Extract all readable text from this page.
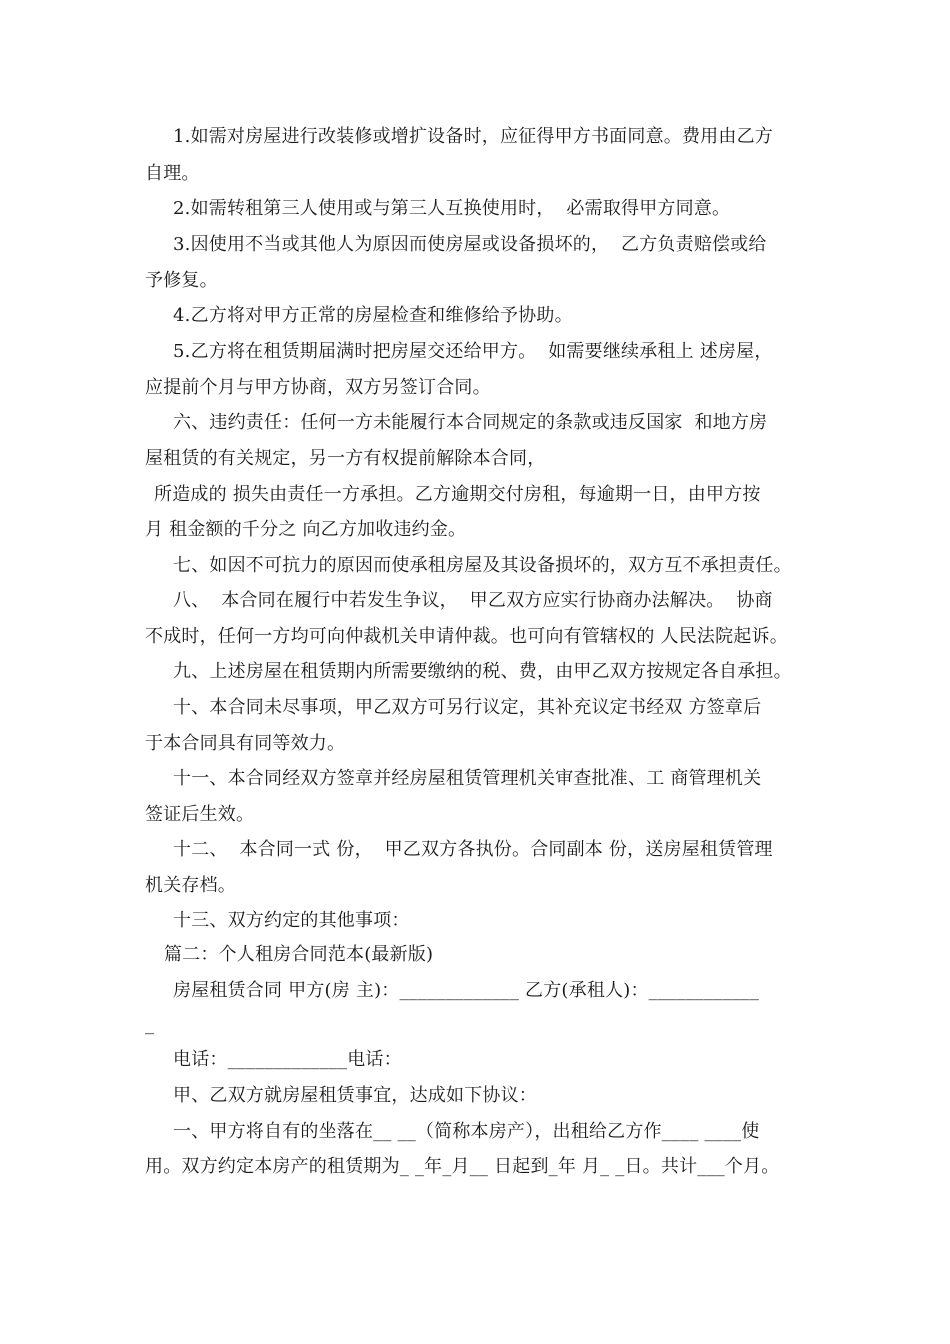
1.如需对房屋进行改装修或增扩设备时，应征得甲方书面同意。费用由乙方
自理。
2.如需转租第三人使用或与第三人互换使用时，  必需取得甲方同意。
3.因使用不当或其他人为原因而使房屋或设备损坏的，  乙方负责赔偿或给
予修复。
4.乙方将对甲方正常的房屋检查和维修给予协助。
5.乙方将在租赁期届满时把房屋交还给甲方。  如需要继续承租上 述房屋，
应提前个月与甲方协商，双方另签订合同。
六、违约责任：任何一方未能履行本合同规定的条款或违反国家  和地方房
屋租赁的有关规定，另一方有权提前解除本合同，
所造成的 损失由责任一方承担。乙方逾期交付房租，每逾期一日，由甲方按
月 租金额的千分之 向乙方加收违约金。
七、如因不可抗力的原因而使承租房屋及其设备损坏的，双方互不承担责任。
八、  本合同在履行中若发生争议，  甲乙双方应实行协商办法解决。  协商
不成时，任何一方均可向仲裁机关申请仲裁。也可向有管辖权的 人民法院起诉。
九、上述房屋在租赁期内所需要缴纳的税、费，由甲乙双方按规定各自承担。
十、本合同未尽事项，甲乙双方可另行议定，其补充议定书经双 方签章后
于本合同具有同等效力。
十一、本合同经双方签章并经房屋租赁管理机关审查批准、工 商管理机关
签证后生效。
十二、  本合同一式 份，  甲乙双方各执份。合同副本 份，送房屋租赁管理
机关存档。
十三、双方约定的其他事项：
篇二：个人租房合同范本(最新版)
房屋租赁合同 甲方(房 主)：_____________ 乙方(承租人)：____________
_
电话：_____________电话：
甲、乙双方就房屋租赁事宜，达成如下协议：
一、甲方将自有的坐落在__ __（简称本房产），出租给乙方作____ ____使
用。双方约定本房产的租赁期为_ _年_月__ 日起到_年 月_ _日。共计___个月。
